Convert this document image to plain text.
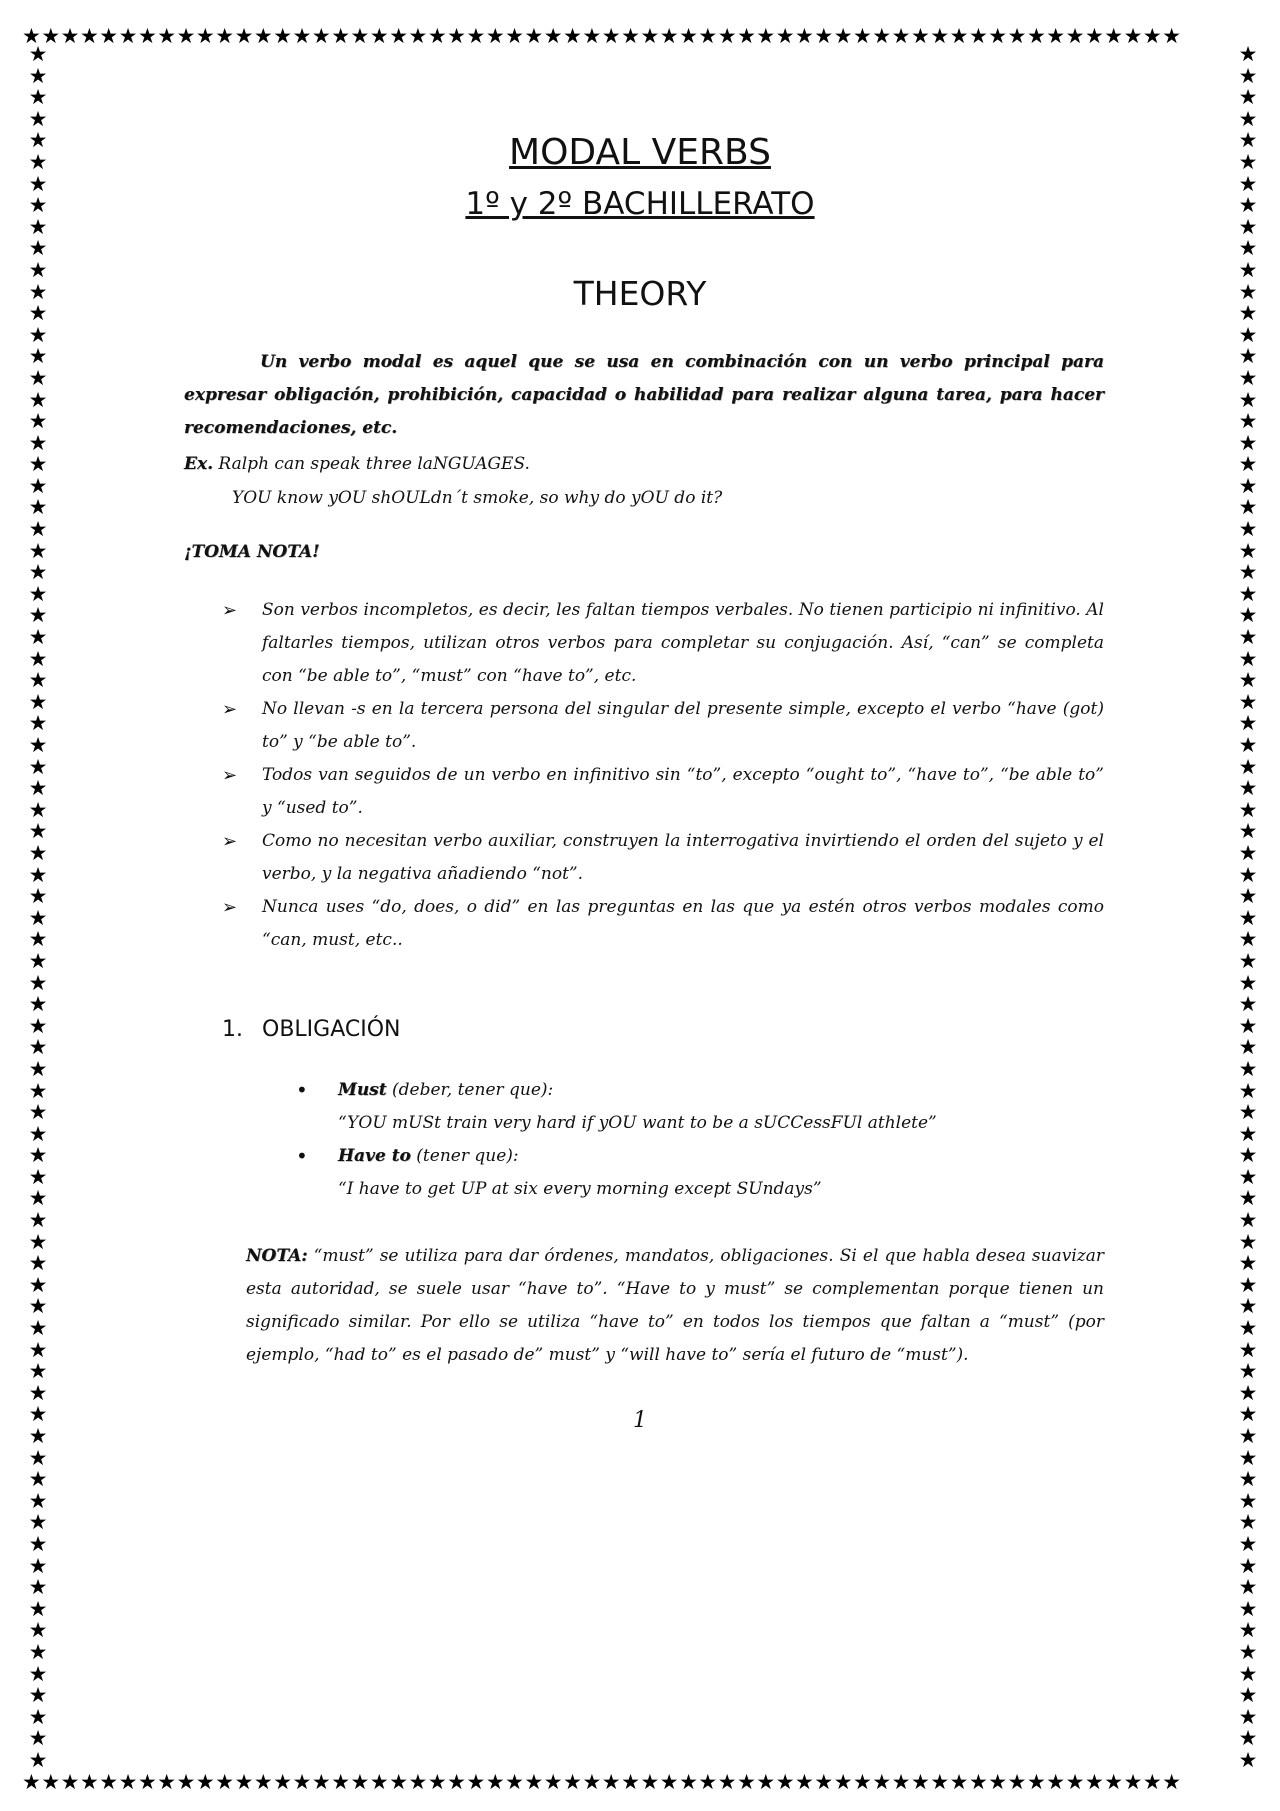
★★★★★★★★★★★★★★★★★★★★★★★★★★★★★★★★★★★★★★★★★★★★★★★★★★★★★★★★★★★★
★★★★★★★★★★★★★★★★★★★★★★★★★★★★★★★★★★★★★★★★★★★★★★★★★★★★★★★★★★★★
★
★
★
★
★
★
★
★
★
★
★
★
★
★
★
★
★
★
★
★
★
★
★
★
★
★
★
★
★
★
★
★
★
★
★
★
★
★
★
★
★
★
★
★
★
★
★
★
★
★
★
★
★
★
★
★
★
★
★
★
★
★
★
★
★
★
★
★
★
★
★
★
★
★
★
★
★
★
★
★
★
★
★
★
★
★
★
★
★
★
★
★
★
★
★
★
★
★
★
★
★
★
★
★
★
★
★
★
★
★
★
★
★
★
★
★
★
★
★
★
★
★
★
★
★
★
★
★
★
★
★
★
★
★
★
★
★
★
★
★
★
★
★
★
★
★
★
★
★
★
★
★
★
★
★
★
★
★
★
★
MODAL VERBS
1º y 2º BACHILLERATO
THEORY
Un verbo modal es aquel que se usa en combinación con un verbo principal para expresar obligación, prohibición, capacidad o habilidad para realizar alguna tarea, para hacer recomendaciones, etc.
Ex. Ralph can speak three laNGUAGES.
YOU know yOU shOULdn´t smoke, so why do yOU do it?
¡TOMA NOTA!
➢ Son verbos incompletos, es decir, les faltan tiempos verbales. No tienen participio ni infinitivo. Al faltarles tiempos, utilizan otros verbos para completar su conjugación. Así, “can” se completa con “be able to”, “must” con “have to”, etc.
➢ No llevan -s en la tercera persona del singular del presente simple, excepto el verbo “have (got) to” y “be able to”.
➢ Todos van seguidos de un verbo en infinitivo sin “to”, excepto “ought to”, “have to”, “be able to” y “used to”.
➢ Como no necesitan verbo auxiliar, construyen la interrogativa invirtiendo el orden del sujeto y el verbo, y la negativa añadiendo “not”.
➢ Nunca uses “do, does, o did” en las preguntas en las que ya estén otros verbos modales como “can, must, etc..
1. OBLIGACIÓN
• Must (deber, tener que):
“YOU mUSt train very hard if yOU want to be a sUCCessFUl athlete”
• Have to (tener que):
“I have to get UP at six every morning except SUndays”
NOTA: “must” se utiliza para dar órdenes, mandatos, obligaciones. Si el que habla desea suavizar esta autoridad, se suele usar “have to”. “Have to y must” se complementan porque tienen un significado similar. Por ello se utiliza “have to” en todos los tiempos que faltan a “must” (por ejemplo, “had to” es el pasado de” must” y “will have to” sería el futuro de “must”).
1
